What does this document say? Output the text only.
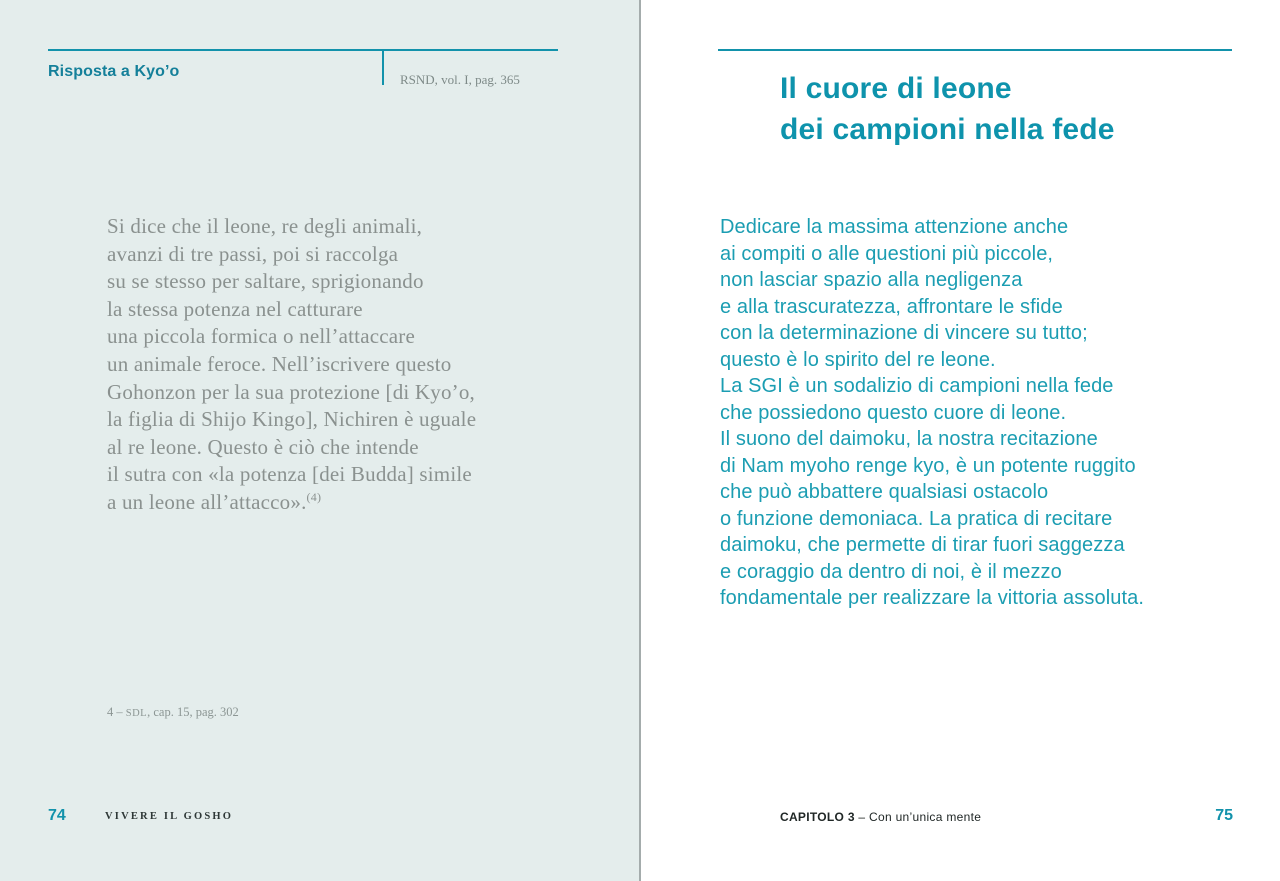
Risposta a Kyo’o	RSND, vol. I, pag. 365
Si dice che il leone, re degli animali,
avanzi di tre passi, poi si raccolga
su se stesso per saltare, sprigionando
la stessa potenza nel catturare
una piccola formica o nell’attaccare
un animale feroce. Nell’iscrivere questo
Gohonzon per la sua protezione [di Kyo’o,
la figlia di Shijo Kingo], Nichiren è uguale
al re leone. Questo è ciò che intende
il sutra con «la potenza [dei Budda] simile
a un leone all’attacco».$^{(4)}$
4 – SDL, cap. 15, pag. 302
74	VIVERE IL GOSHO
Il cuore di leone
dei campioni nella fede
Dedicare la massima attenzione anche
ai compiti o alle questioni più piccole,
non lasciar spazio alla negligenza
e alla trascuratezza, affrontare le sfide
con la determinazione di vincere su tutto;
questo è lo spirito del re leone.
La SGI è un sodalizio di campioni nella fede
che possiedono questo cuore di leone.
Il suono del daimoku, la nostra recitazione
di Nam myoho renge kyo, è un potente ruggito
che può abbattere qualsiasi ostacolo
o funzione demoniaca. La pratica di recitare
daimoku, che permette di tirar fuori saggezza
e coraggio da dentro di noi, è il mezzo
fondamentale per realizzare la vittoria assoluta.
CAPITOLO 3 – Con un’unica mente	75
